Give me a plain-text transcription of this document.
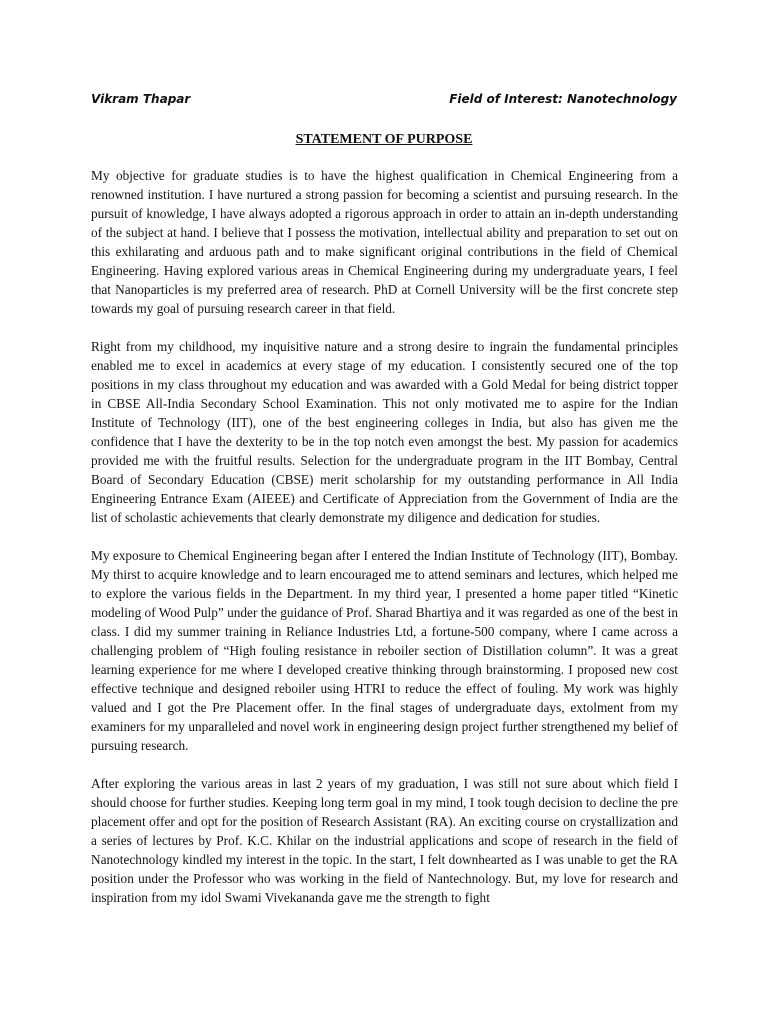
Vikram Thapar	Field of Interest: Nanotechnology
STATEMENT OF PURPOSE

My objective for graduate studies is to have the highest qualification in Chemical Engineering from a renowned institution. I have nurtured a strong passion for becoming a scientist and pursuing research. In the pursuit of knowledge, I have always adopted a rigorous approach in order to attain an in-depth understanding of the subject at hand. I believe that I possess the motivation, intellectual ability and preparation to set out on this exhilarating and arduous path and to make significant original contributions in the field of Chemical Engineering. Having explored various areas in Chemical Engineering during my undergraduate years, I feel that Nanoparticles is my preferred area of research. PhD at Cornell University will be the first concrete step towards my goal of pursuing research career in that field.

Right from my childhood, my inquisitive nature and a strong desire to ingrain the fundamental principles enabled me to excel in academics at every stage of my education. I consistently secured one of the top positions in my class throughout my education and was awarded with a Gold Medal for being district topper in CBSE All-India Secondary School Examination. This not only motivated me to aspire for the Indian Institute of Technology (IIT), one of the best engineering colleges in India, but also has given me the confidence that I have the dexterity to be in the top notch even amongst the best. My passion for academics provided me with the fruitful results. Selection for the undergraduate program in the IIT Bombay, Central Board of Secondary Education (CBSE) merit scholarship for my outstanding performance in All India Engineering Entrance Exam (AIEEE) and Certificate of Appreciation from the Government of India are the list of scholastic achievements that clearly demonstrate my diligence and dedication for studies.

My exposure to Chemical Engineering began after I entered the Indian Institute of Technology (IIT), Bombay. My thirst to acquire knowledge and to learn encouraged me to attend seminars and lectures, which helped me to explore the various fields in the Department. In my third year, I presented a home paper titled “Kinetic modeling of Wood Pulp” under the guidance of Prof. Sharad Bhartiya and it was regarded as one of the best in class. I did my summer training in Reliance Industries Ltd, a fortune-500 company, where I came across a challenging problem of “High fouling resistance in reboiler section of Distillation column”. It was a great learning experience for me where I developed creative thinking through brainstorming. I proposed new cost effective technique and designed reboiler using HTRI to reduce the effect of fouling. My work was highly valued and I got the Pre Placement offer. In the final stages of undergraduate days, extolment from my examiners for my unparalleled and novel work in engineering design project further strengthened my belief of pursuing research.

After exploring the various areas in last 2 years of my graduation, I was still not sure about which field I should choose for further studies. Keeping long term goal in my mind, I took tough decision to decline the pre placement offer and opt for the position of Research Assistant (RA). An exciting course on crystallization and a series of lectures by Prof. K.C. Khilar on the industrial applications and scope of research in the field of Nanotechnology kindled my interest in the topic. In the start, I felt downhearted as I was unable to get the RA position under the Professor who was working in the field of Nantechnology. But, my love for research and inspiration from my idol Swami Vivekananda gave me the strength to fight
